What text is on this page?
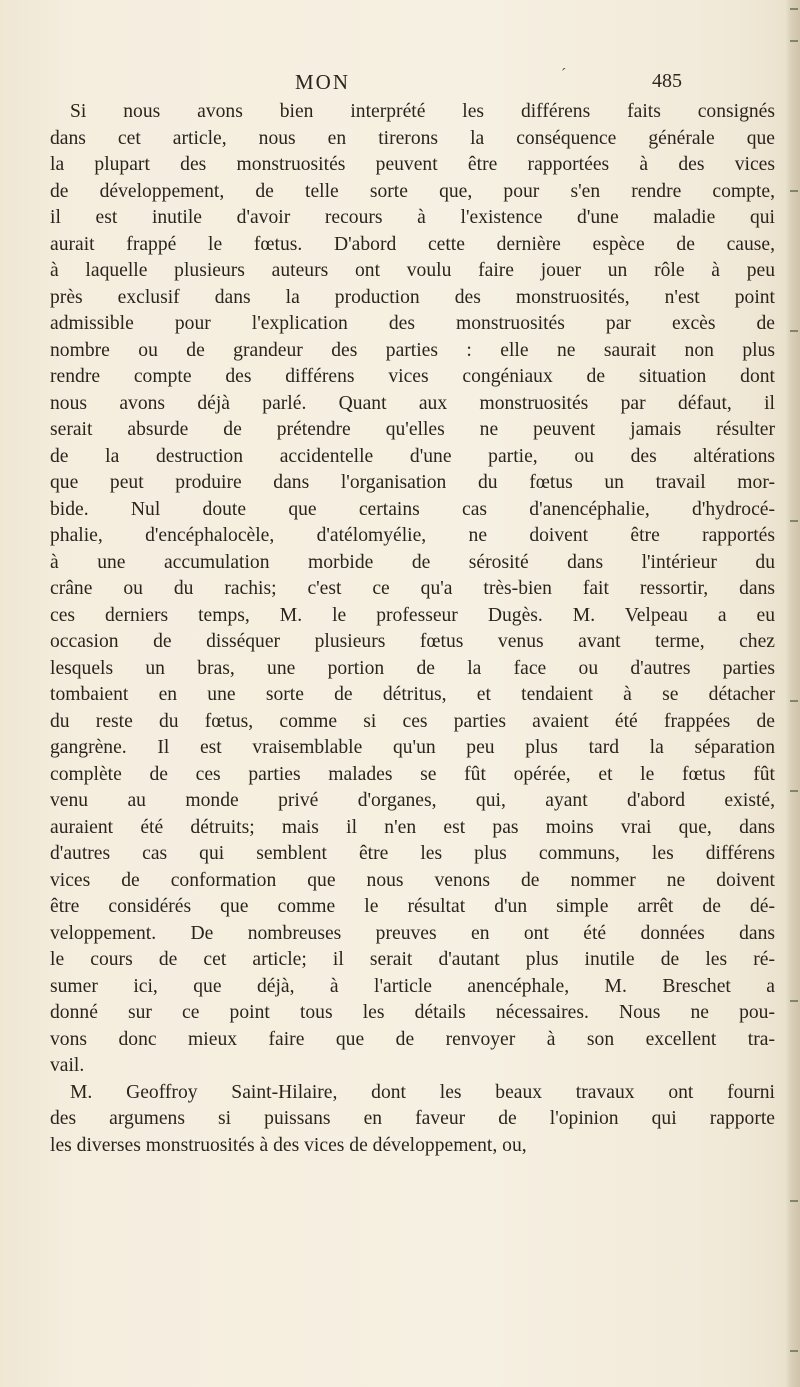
MON	´	485
Si nous avons bien interprété les différens faits consignés
dans cet article, nous en tirerons la conséquence générale que
la plupart des monstruosités peuvent être rapportées à des vices
de développement, de telle sorte que, pour s'en rendre compte,
il est inutile d'avoir recours à l'existence d'une maladie qui
aurait frappé le fœtus. D'abord cette dernière espèce de cause,
à laquelle plusieurs auteurs ont voulu faire jouer un rôle à peu
près exclusif dans la production des monstruosités, n'est point
admissible pour l'explication des monstruosités par excès de
nombre ou de grandeur des parties : elle ne saurait non plus
rendre compte des différens vices congéniaux de situation dont
nous avons déjà parlé. Quant aux monstruosités par défaut, il
serait absurde de prétendre qu'elles ne peuvent jamais résulter
de la destruction accidentelle d'une partie, ou des altérations
que peut produire dans l'organisation du fœtus un travail mor-
bide. Nul doute que certains cas d'anencéphalie, d'hydrocé-
phalie, d'encéphalocèle, d'atélomyélie, ne doivent être rapportés
à une accumulation morbide de sérosité dans l'intérieur du
crâne ou du rachis; c'est ce qu'a très-bien fait ressortir, dans
ces derniers temps, M. le professeur Dugès. M. Velpeau a eu
occasion de disséquer plusieurs fœtus venus avant terme, chez
lesquels un bras, une portion de la face ou d'autres parties
tombaient en une sorte de détritus, et tendaient à se détacher
du reste du fœtus, comme si ces parties avaient été frappées de
gangrène. Il est vraisemblable qu'un peu plus tard la séparation
complète de ces parties malades se fût opérée, et le fœtus fût
venu au monde privé d'organes, qui, ayant d'abord existé,
auraient été détruits; mais il n'en est pas moins vrai que, dans
d'autres cas qui semblent être les plus communs, les différens
vices de conformation que nous venons de nommer ne doivent
être considérés que comme le résultat d'un simple arrêt de dé-
veloppement. De nombreuses preuves en ont été données dans
le cours de cet article; il serait d'autant plus inutile de les ré-
sumer ici, que déjà, à l'article anencéphale, M. Breschet a
donné sur ce point tous les détails nécessaires. Nous ne pou-
vons donc mieux faire que de renvoyer à son excellent tra-
vail.
M. Geoffroy Saint-Hilaire, dont les beaux travaux ont fourni
des argumens si puissans en faveur de l'opinion qui rapporte
les diverses monstruosités à des vices de développement, ou,
